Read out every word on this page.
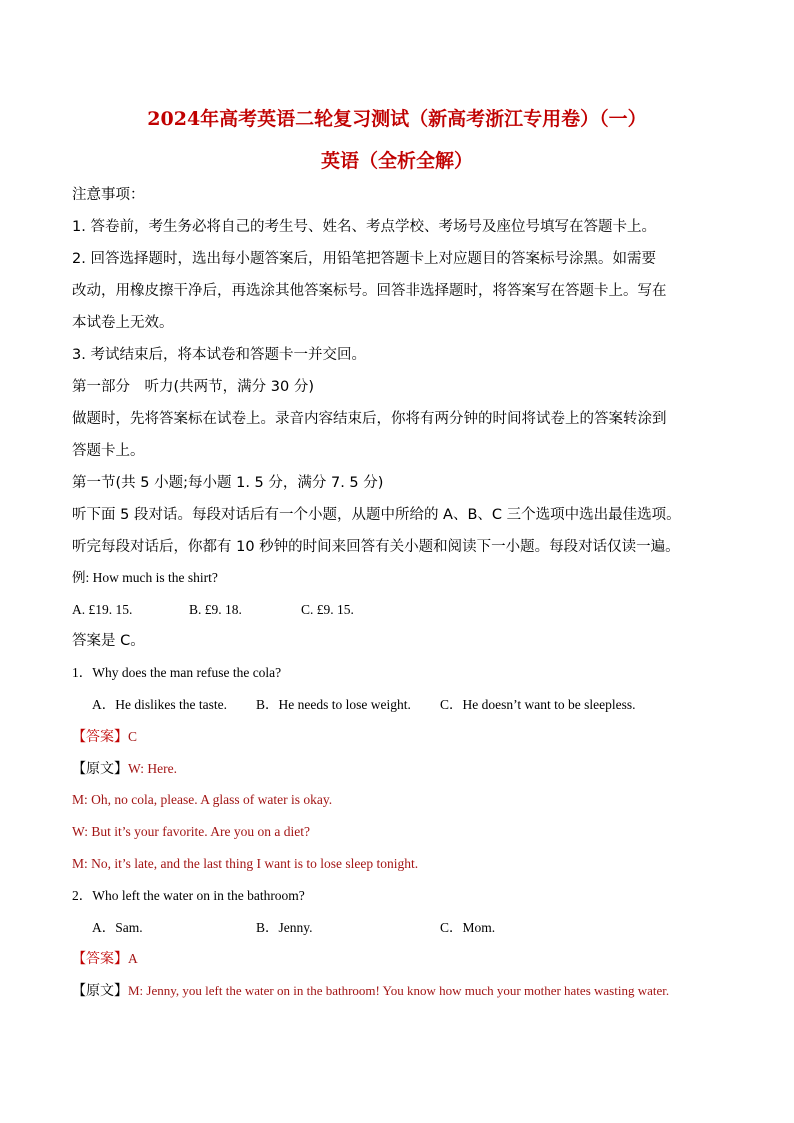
2024年高考英语二轮复习测试（新高考浙江专用卷）（一）
英语（全析全解）
注意事项：
1. 答卷前，考生务必将自己的考生号、姓名、考点学校、考场号及座位号填写在答题卡上。
2. 回答选择题时，选出每小题答案后，用铅笔把答题卡上对应题目的答案标号涂黑。如需要
改动，用橡皮擦干净后，再选涂其他答案标号。回答非选择题时，将答案写在答题卡上。写在
本试卷上无效。
3. 考试结束后，将本试卷和答题卡一并交回。
第一部分　听力(共两节，满分 30 分)
做题时，先将答案标在试卷上。录音内容结束后，你将有两分钟的时间将试卷上的答案转涂到
答题卡上。
第一节(共 5 小题;每小题 1. 5 分，满分 7. 5 分)
听下面 5 段对话。每段对话后有一个小题，从题中所给的 A、B、C 三个选项中选出最佳选项。
听完每段对话后，你都有 10 秒钟的时间来回答有关小题和阅读下一小题。每段对话仅读一遍。
例: How much is the shirt?
A. £19. 15.	B. £9. 18.	C. £9. 15.
答案是 C。
1．Why does the man refuse the cola?
A．He dislikes the taste. B．He needs to lose weight. C．He doesn’t want to be sleepless.
【答案】C
【原文】W: Here.
M: Oh, no cola, please. A glass of water is okay.
W: But it’s your favorite. Are you on a diet?
M: No, it’s late, and the last thing I want is to lose sleep tonight.
2．Who left the water on in the bathroom?
A．Sam.	B．Jenny.	C．Mom.
【答案】A
【原文】M: Jenny, you left the water on in the bathroom! You know how much your mother hates wasting water.
